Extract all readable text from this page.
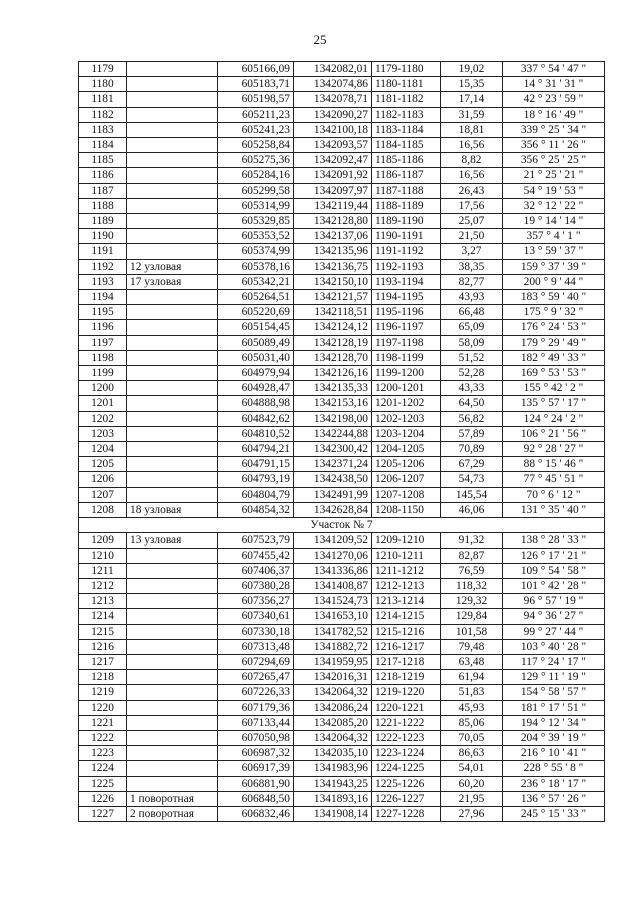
25
1179		605166,09	1342082,01	1179-1180	19,02	337 ° 54 ' 47 "
1180		605183,71	1342074,86	1180-1181	15,35	14 ° 31 ' 31 "
1181		605198,57	1342078,71	1181-1182	17,14	42 ° 23 ' 59 "
1182		605211,23	1342090,27	1182-1183	31,59	18 ° 16 ' 49 "
1183		605241,23	1342100,18	1183-1184	18,81	339 ° 25 ' 34 "
1184		605258,84	1342093,57	1184-1185	16,56	356 ° 11 ' 26 "
1185		605275,36	1342092,47	1185-1186	8,82	356 ° 25 ' 25 "
1186		605284,16	1342091,92	1186-1187	16,56	21 ° 25 ' 21 "
1187		605299,58	1342097,97	1187-1188	26,43	54 ° 19 ' 53 "
1188		605314,99	1342119,44	1188-1189	17,56	32 ° 12 ' 22 "
1189		605329,85	1342128,80	1189-1190	25,07	19 ° 14 ' 14 "
1190		605353,52	1342137,06	1190-1191	21,50	357 ° 4 ' 1 "
1191		605374,99	1342135,96	1191-1192	3,27	13 ° 59 ' 37 "
1192	12 узловая	605378,16	1342136,75	1192-1193	38,35	159 ° 37 ' 39 "
1193	17 узловая	605342,21	1342150,10	1193-1194	82,77	200 ° 9 ' 44 "
1194		605264,51	1342121,57	1194-1195	43,93	183 ° 59 ' 40 "
1195		605220,69	1342118,51	1195-1196	66,48	175 ° 9 ' 32 "
1196		605154,45	1342124,12	1196-1197	65,09	176 ° 24 ' 53 "
1197		605089,49	1342128,19	1197-1198	58,09	179 ° 29 ' 49 "
1198		605031,40	1342128,70	1198-1199	51,52	182 ° 49 ' 33 "
1199		604979,94	1342126,16	1199-1200	52,28	169 ° 53 ' 53 "
1200		604928,47	1342135,33	1200-1201	43,33	155 ° 42 ' 2 "
1201		604888,98	1342153,16	1201-1202	64,50	135 ° 57 ' 17 "
1202		604842,62	1342198,00	1202-1203	56,82	124 ° 24 ' 2 "
1203		604810,52	1342244,88	1203-1204	57,89	106 ° 21 ' 56 "
1204		604794,21	1342300,42	1204-1205	70,89	92 ° 28 ' 27 "
1205		604791,15	1342371,24	1205-1206	67,29	88 ° 15 ' 46 "
1206		604793,19	1342438,50	1206-1207	54,73	77 ° 45 ' 51 "
1207		604804,79	1342491,99	1207-1208	145,54	70 ° 6 ' 12 "
1208	18 узловая	604854,32	1342628,84	1208-1150	46,06	131 ° 35 ' 40 "
Участок № 7						
1209	13 узловая	607523,79	1341209,52	1209-1210	91,32	138 ° 28 ' 33 "
1210		607455,42	1341270,06	1210-1211	82,87	126 ° 17 ' 21 "
1211		607406,37	1341336,86	1211-1212	76,59	109 ° 54 ' 58 "
1212		607380,28	1341408,87	1212-1213	118,32	101 ° 42 ' 28 "
1213		607356,27	1341524,73	1213-1214	129,32	96 ° 57 ' 19 "
1214		607340,61	1341653,10	1214-1215	129,84	94 ° 36 ' 27 "
1215		607330,18	1341782,52	1215-1216	101,58	99 ° 27 ' 44 "
1216		607313,48	1341882,72	1216-1217	79,48	103 ° 40 ' 28 "
1217		607294,69	1341959,95	1217-1218	63,48	117 ° 24 ' 17 "
1218		607265,47	1342016,31	1218-1219	61,94	129 ° 11 ' 19 "
1219		607226,33	1342064,32	1219-1220	51,83	154 ° 58 ' 57 "
1220		607179,36	1342086,24	1220-1221	45,93	181 ° 17 ' 51 "
1221		607133,44	1342085,20	1221-1222	85,06	194 ° 12 ' 34 "
1222		607050,98	1342064,32	1222-1223	70,05	204 ° 39 ' 19 "
1223		606987,32	1342035,10	1223-1224	86,63	216 ° 10 ' 41 "
1224		606917,39	1341983,96	1224-1225	54,01	228 ° 55 ' 8 "
1225		606881,90	1341943,25	1225-1226	60,20	236 ° 18 ' 17 "
1226	1 поворотная	606848,50	1341893,16	1226-1227	21,95	136 ° 57 ' 26 "
1227	2 поворотная	606832,46	1341908,14	1227-1228	27,96	245 ° 15 ' 33 "
